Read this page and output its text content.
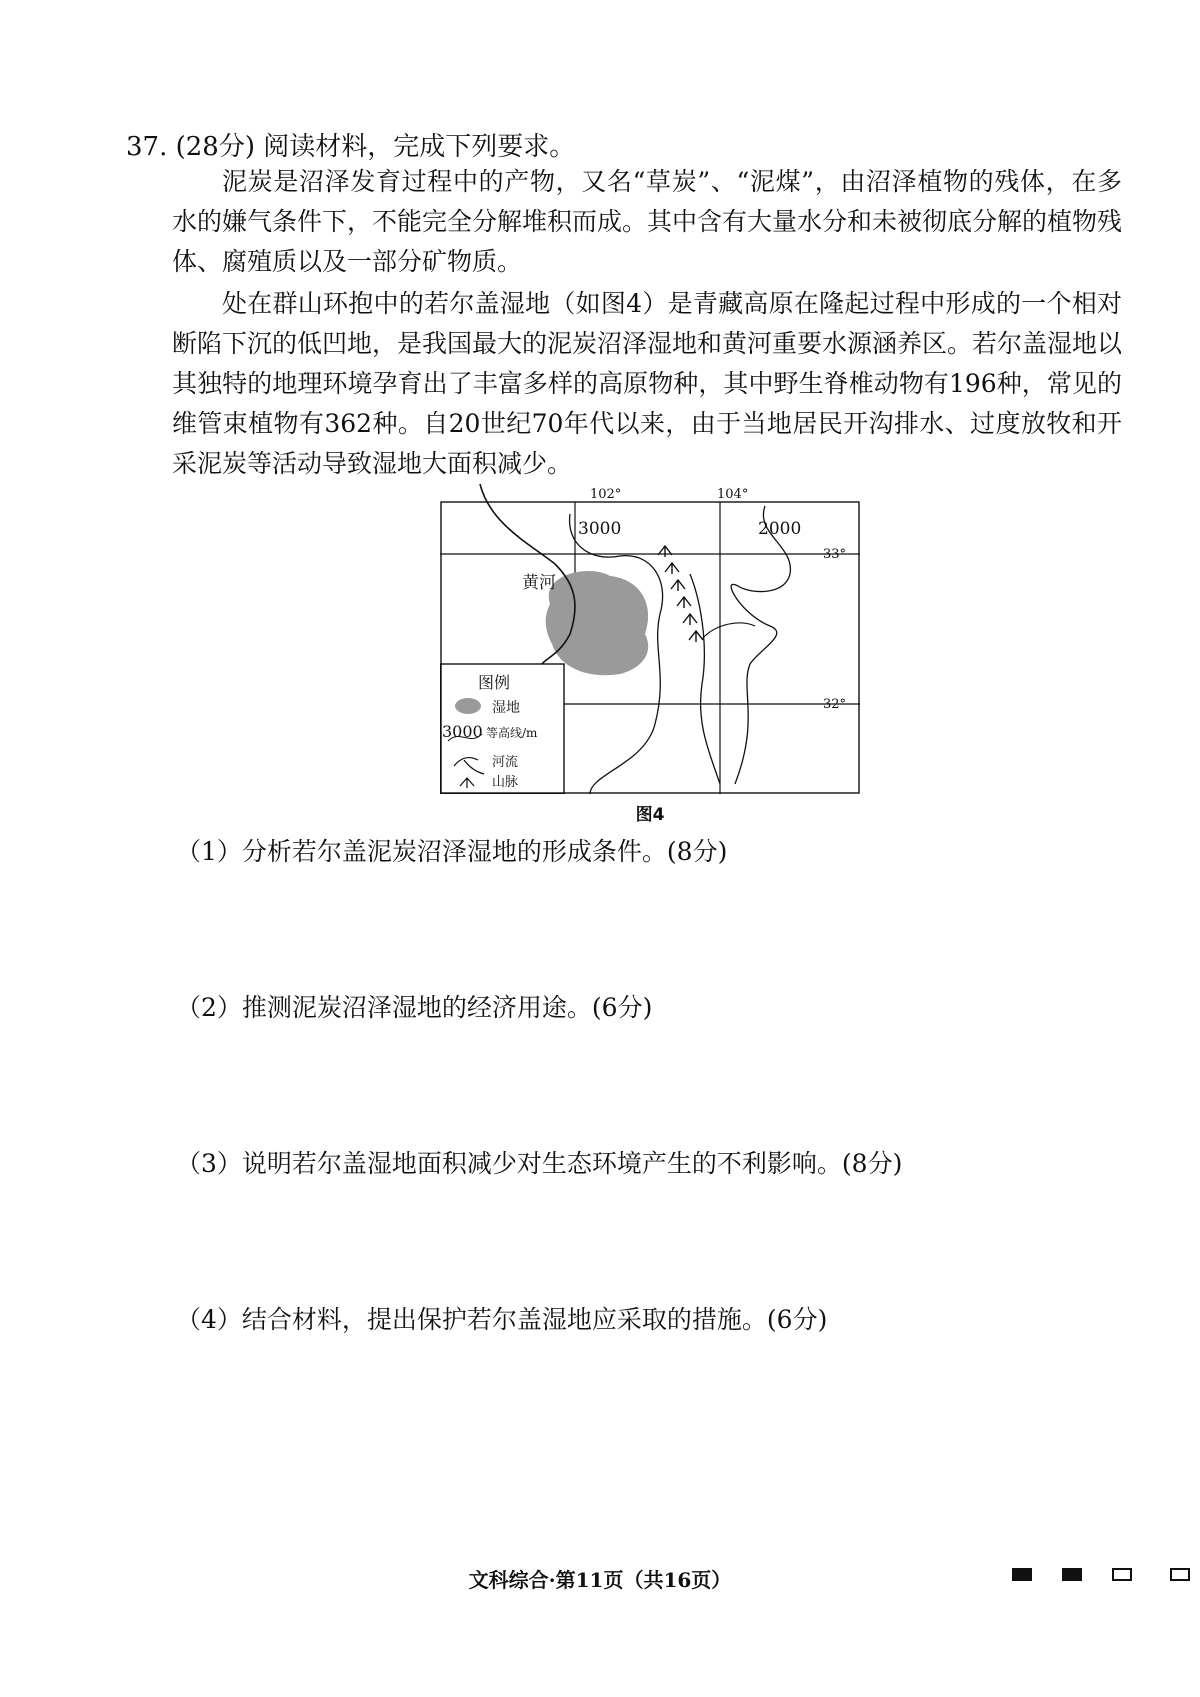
37. (28分) 阅读材料，完成下列要求。

泥炭是沼泽发育过程中的产物，又名“草炭”、“泥煤”，由沼泽植物的残体，在多水的嫌气条件下，不能完全分解堆积而成。其中含有大量水分和未被彻底分解的植物残体、腐殖质以及一部分矿物质。

处在群山环抱中的若尔盖湿地（如图4）是青藏高原在隆起过程中形成的一个相对断陷下沉的低凹地，是我国最大的泥炭沼泽湿地和黄河重要水源涵养区。若尔盖湿地以其独特的地理环境孕育出了丰富多样的高原物种，其中野生脊椎动物有196种，常见的维管束植物有362种。自20世纪70年代以来，由于当地居民开沟排水、过度放牧和开采泥炭等活动导致湿地大面积减少。

102°	104°
33°
32°
3000	2000
黄河
图例
湿地
3000 等高线/m
河流
山脉
图4
（1）分析若尔盖泥炭沼泽湿地的形成条件。(8分)
（2）推测泥炭沼泽湿地的经济用途。(6分)
（3）说明若尔盖湿地面积减少对生态环境产生的不利影响。(8分)
（4）结合材料，提出保护若尔盖湿地应采取的措施。(6分)
文科综合·第11页（共16页）
